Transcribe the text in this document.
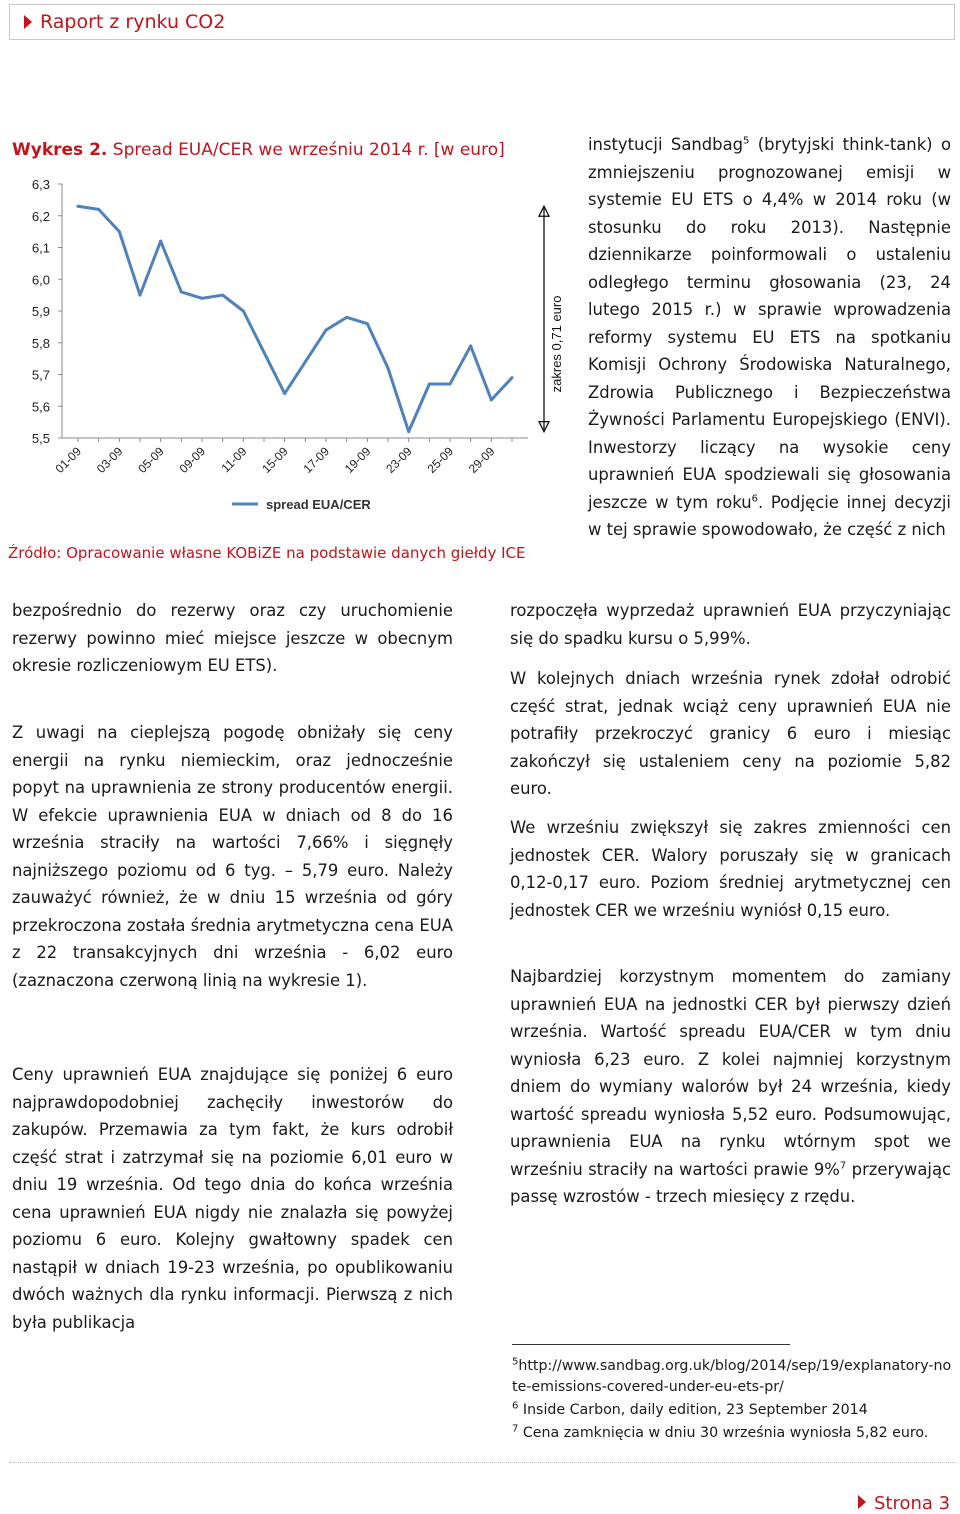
Raport z rynku CO2
Wykres 2. Spread EUA/CER we wrześniu 2014 r. [w euro]
5,5
5,6
5,7
5,8
5,9
6,0
6,1
6,2
6,3
01-09 03-09 05-09 09-09 11-09 15-09 17-09 19-09 23-09 25-09 29-09
zakres 0,71 euro
spread EUA/CER
Źródło: Opracowanie własne KOBiZE na podstawie danych giełdy ICE

instytucji Sandbag$^5$ (brytyjski think-tank) o zmniejszeniu prognozowanej emisji w systemie EU ETS o 4,4% w 2014 roku (w stosunku do roku 2013). Następnie dziennikarze poinformowali o ustaleniu odległego terminu głosowania (23, 24 lutego 2015 r.) w sprawie wprowadzenia reformy systemu EU ETS na spotkaniu Komisji Ochrony Środowiska Naturalnego, Zdrowia Publicznego i Bezpieczeństwa Żywności Parlamentu Europejskiego (ENVI). Inwestorzy liczący na wysokie ceny uprawnień EUA spodziewali się głosowania jeszcze w tym roku$^6$. Podjęcie innej decyzji w tej sprawie spowodowało, że część z nich

bezpośrednio do rezerwy oraz czy uruchomienie rezerwy powinno mieć miejsce jeszcze w obecnym okresie rozliczeniowym EU ETS).

Z uwagi na cieplejszą pogodę obniżały się ceny energii na rynku niemieckim, oraz jednocześnie popyt na uprawnienia ze strony producentów energii. W efekcie uprawnienia EUA w dniach od 8 do 16 września straciły na wartości 7,66% i sięgnęły najniższego poziomu od 6 tyg. – 5,79 euro. Należy zauważyć również, że w dniu 15 września od góry przekroczona została średnia arytmetyczna cena EUA z 22 transakcyjnych dni września - 6,02 euro (zaznaczona czerwoną linią na wykresie 1).

Ceny uprawnień EUA znajdujące się poniżej 6 euro najprawdopodobniej zachęciły inwestorów do zakupów. Przemawia za tym fakt, że kurs odrobił część strat i zatrzymał się na poziomie 6,01 euro w dniu 19 września. Od tego dnia do końca września cena uprawnień EUA nigdy nie znalazła się powyżej poziomu 6 euro. Kolejny gwałtowny spadek cen nastąpił w dniach 19-23 września, po opublikowaniu dwóch ważnych dla rynku informacji. Pierwszą z nich była publikacja

rozpoczęła wyprzedaż uprawnień EUA przyczyniając się do spadku kursu o 5,99%.

W kolejnych dniach września rynek zdołał odrobić część strat, jednak wciąż ceny uprawnień EUA nie potrafiły przekroczyć granicy 6 euro i miesiąc zakończył się ustaleniem ceny na poziomie 5,82 euro.

We wrześniu zwiększył się zakres zmienności cen jednostek CER. Walory poruszały się w granicach 0,12-0,17 euro. Poziom średniej arytmetycznej cen jednostek CER we wrześniu wyniósł 0,15 euro.

Najbardziej korzystnym momentem do zamiany uprawnień EUA na jednostki CER był pierwszy dzień września. Wartość spreadu EUA/CER w tym dniu wyniosła 6,23 euro. Z kolei najmniej korzystnym dniem do wymiany walorów był 24 września, kiedy wartość spreadu wyniosła 5,52 euro. Podsumowując, uprawnienia EUA na rynku wtórnym spot we wrześniu straciły na wartości prawie 9%$^7$ przerywając passę wzrostów - trzech miesięcy z rzędu.

$^5$http://www.sandbag.org.uk/blog/2014/sep/19/explanatory-note-emissions-covered-under-eu-ets-pr/

$^6$ Inside Carbon, daily edition, 23 September 2014

$^7$ Cena zamknięcia w dniu 30 września wyniosła 5,82 euro.

Strona 3
